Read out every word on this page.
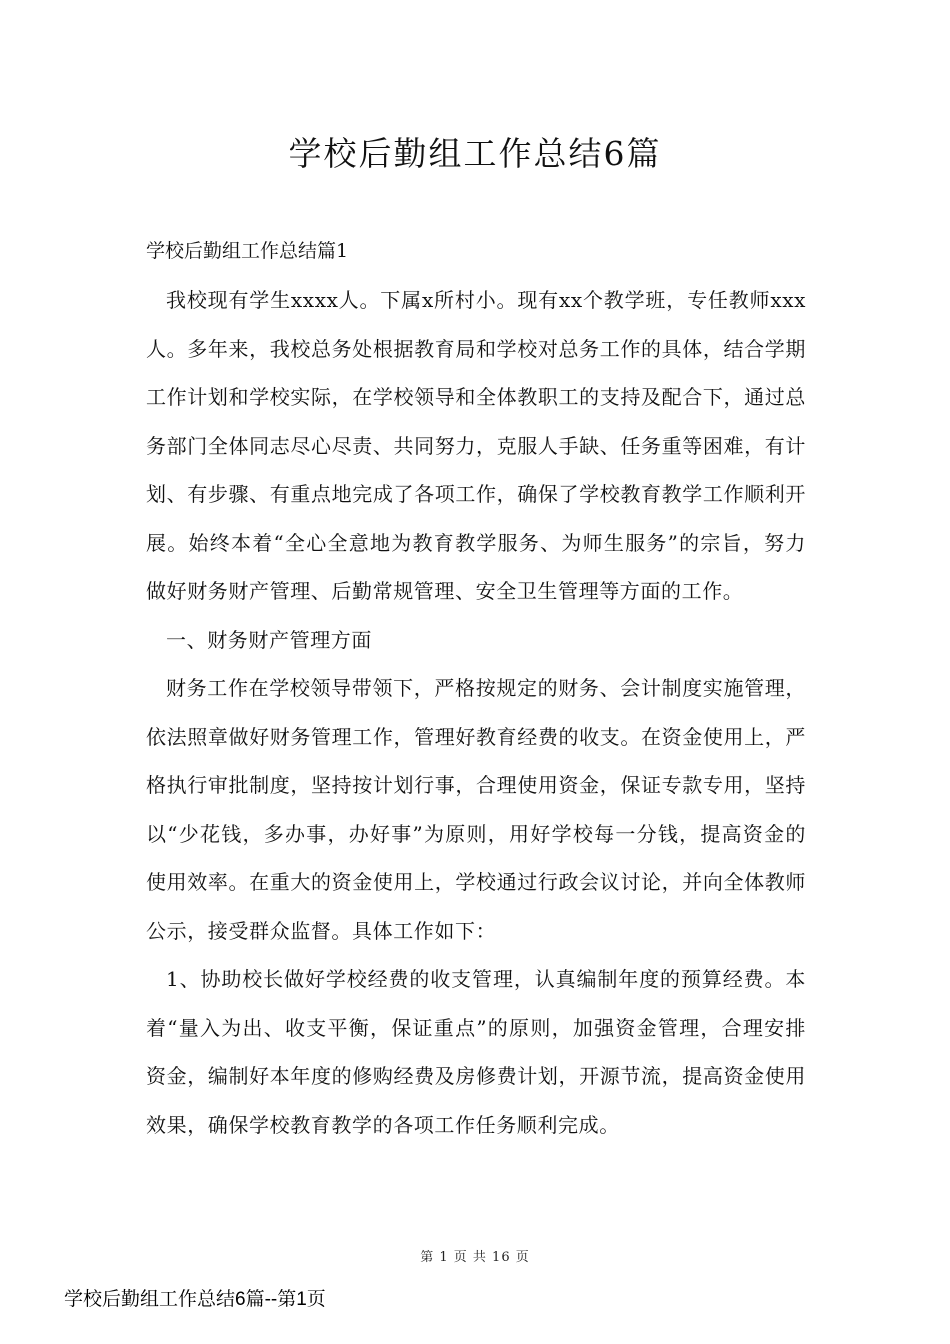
学校后勤组工作总结6篇
学校后勤组工作总结篇1

我校现有学生xxxx人。下属x所村小。现有xx个教学班，专任教师xxx人。多年来，我校总务处根据教育局和学校对总务工作的具体，结合学期工作计划和学校实际，在学校领导和全体教职工的支持及配合下，通过总务部门全体同志尽心尽责、共同努力，克服人手缺、任务重等困难，有计划、有步骤、有重点地完成了各项工作，确保了学校教育教学工作顺利开展。始终本着“全心全意地为教育教学服务、为师生服务”的宗旨，努力做好财务财产管理、后勤常规管理、安全卫生管理等方面的工作。

一、财务财产管理方面

财务工作在学校领导带领下，严格按规定的财务、会计制度实施管理，依法照章做好财务管理工作，管理好教育经费的收支。在资金使用上，严格执行审批制度，坚持按计划行事，合理使用资金，保证专款专用，坚持以“少花钱，多办事，办好事”为原则，用好学校每一分钱，提高资金的使用效率。在重大的资金使用上，学校通过行政会议讨论，并向全体教师公示，接受群众监督。具体工作如下：

1、协助校长做好学校经费的收支管理，认真编制年度的预算经费。本着“量入为出、收支平衡，保证重点”的原则，加强资金管理，合理安排资金，编制好本年度的修购经费及房修费计划，开源节流，提高资金使用效果，确保学校教育教学的各项工作任务顺利完成。

第 1 页 共 16 页
学校后勤组工作总结6篇--第1页
